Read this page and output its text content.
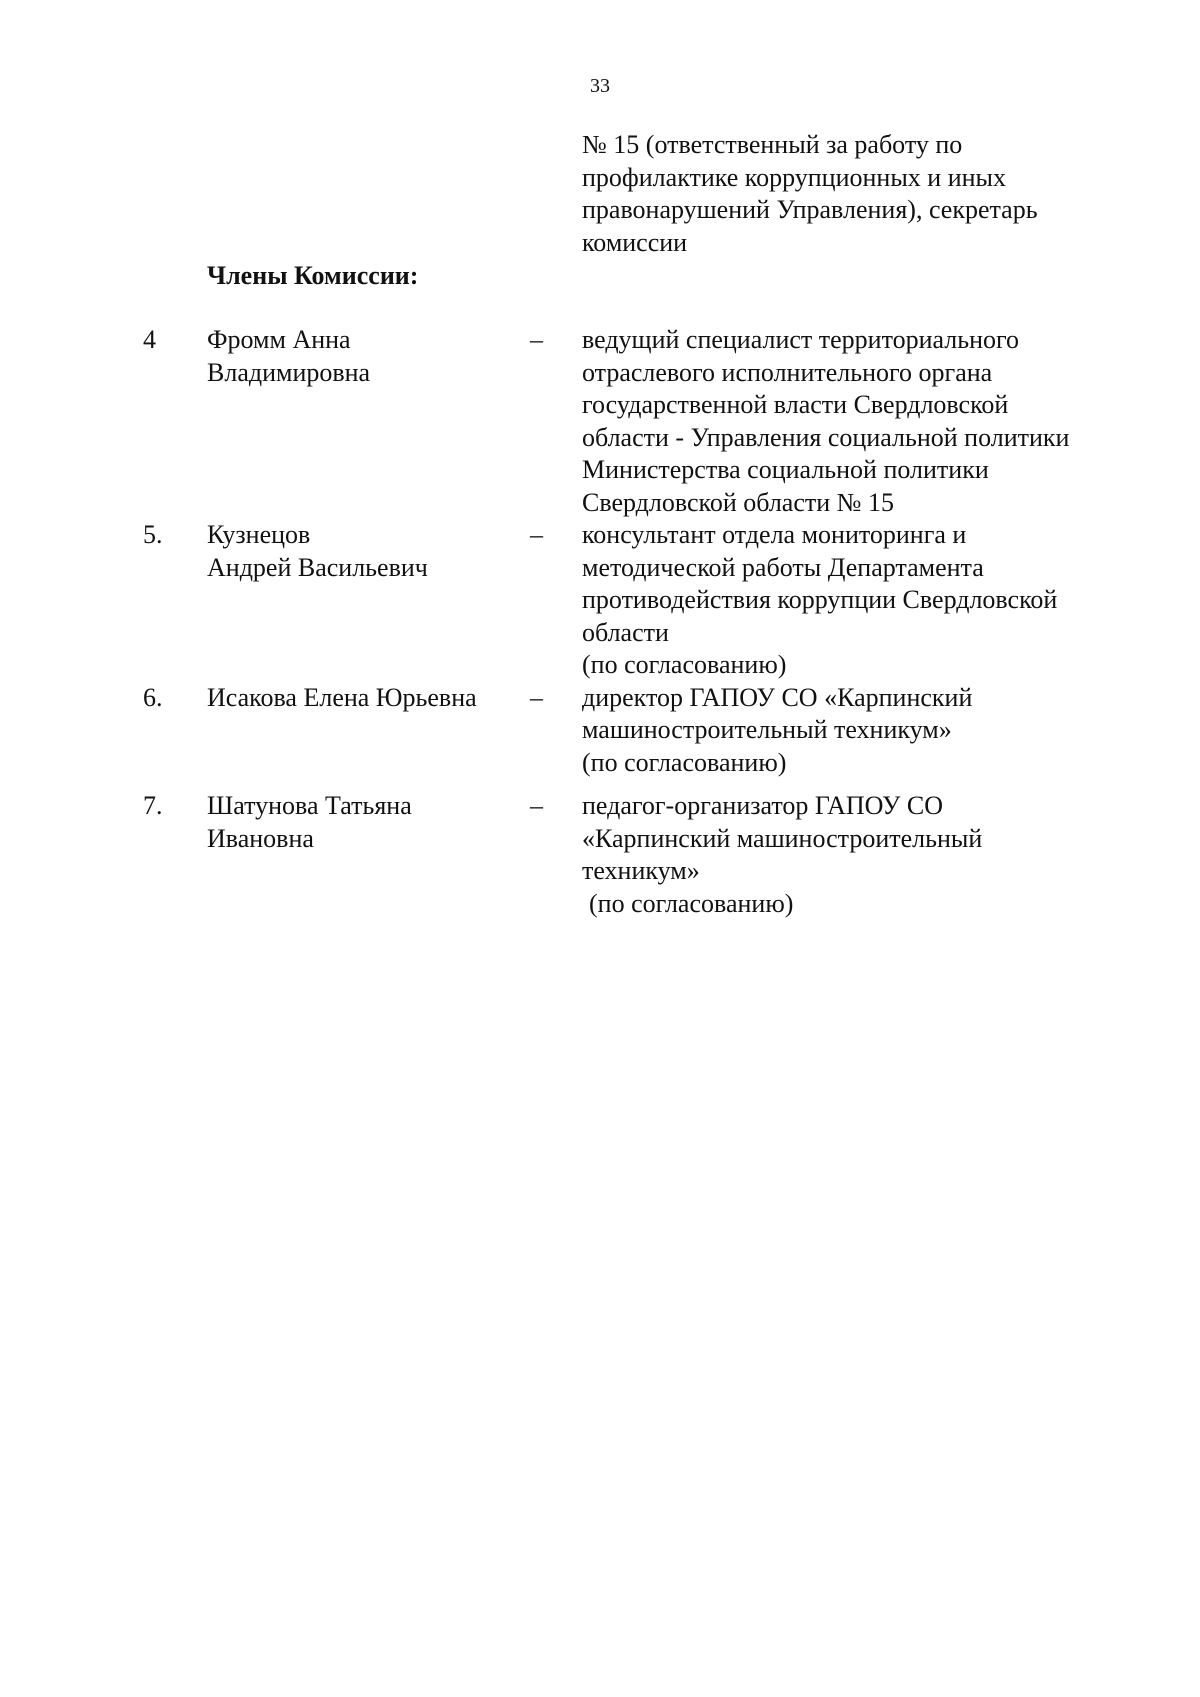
33
№ 15 (ответственный за работу по
профилактике коррупционных и иных
правонарушений Управления), секретарь
комиссии
Члены Комиссии:
4 Фромм Анна
Владимировна
– ведущий специалист территориального
отраслевого исполнительного органа
государственной власти Свердловской
области - Управления социальной политики
Министерства социальной политики
Свердловской области № 15
5. Кузнецов
Андрей Васильевич
– консультант отдела мониторинга и
методической работы Департамента
противодействия коррупции Свердловской
области
(по согласованию)
6. Исакова Елена Юрьевна – директор ГАПОУ СО «Карпинский
машиностроительный техникум»
(по согласованию)
7. Шатунова Татьяна
Ивановна
– педагог-организатор ГАПОУ СО
«Карпинский машиностроительный
техникум»
(по согласованию)
